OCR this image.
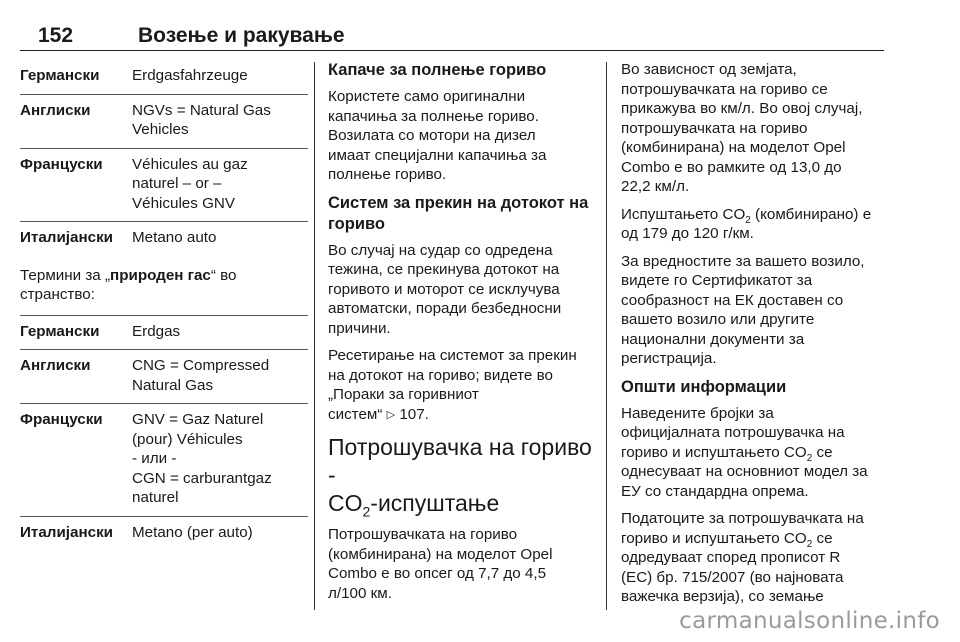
152	Возење и ракување
Германски	Erdgasfahrzeuge
Англиски	NGVs = Natural Gas
Vehicles
Француски	Véhicules au gaz
naturel – or –
Véhicules GNV
Италијански	Metano auto

Термини за „природен гас“ во
странство:

Германски	Erdgas
Англиски	CNG = Compressed
Natural Gas
Француски	GNV = Gaz Naturel
(pour) Véhicules
- или -
CGN = carburantgaz
naturel
Италијански	Metano (per auto)
Капаче за полнење гориво

Користете само оригинални
капачиња за полнење гориво.
Возилата со мотори на дизел
имаат специјални капачиња за
полнење гориво.

Систем за прекин на дотокот на
гориво

Во случај на судар со одредена
тежина, се прекинува дотокот на
горивото и моторот се исклучува
автоматски, поради безбедносни
причини.

Ресетирање на системот за прекин
на дотокот на гориво; видете во
„Пораки за горивниот
систем“ ▷ 107.

Потрошувачка на гориво -
$CO_2$-испуштање

Потрошувачката на гориво
(комбинирана) на моделот Opel
Combo е во опсег од 7,7 до 4,5
л/100 км.

Во зависност од земјата,
потрошувачката на гориво се
прикажува во км/л. Во овој случај,
потрошувачката на гориво
(комбинирана) на моделот Opel
Combo е во рамките од 13,0 до
22,2 км/л.

Испуштањето $CO_2$ (комбинирано) е
од 179 до 120 г/км.

За вредностите за вашето возило,
видете го Сертификатот за
сообразност на ЕК доставен со
вашето возило или другите
национални документи за
регистрација.

Општи информации

Наведените бројки за
официјалната потрошувачка на
гориво и испуштањето $CO_2$ се
однесуваат на основниот модел за
ЕУ со стандардна опрема.

Податоците за потрошувачката на
гориво и испуштањето $CO_2$ се
одредуваат според прописот R
(ЕС) бр. 715/2007 (во најновата
важечка верзија), со земање

carmanualsonline.info
